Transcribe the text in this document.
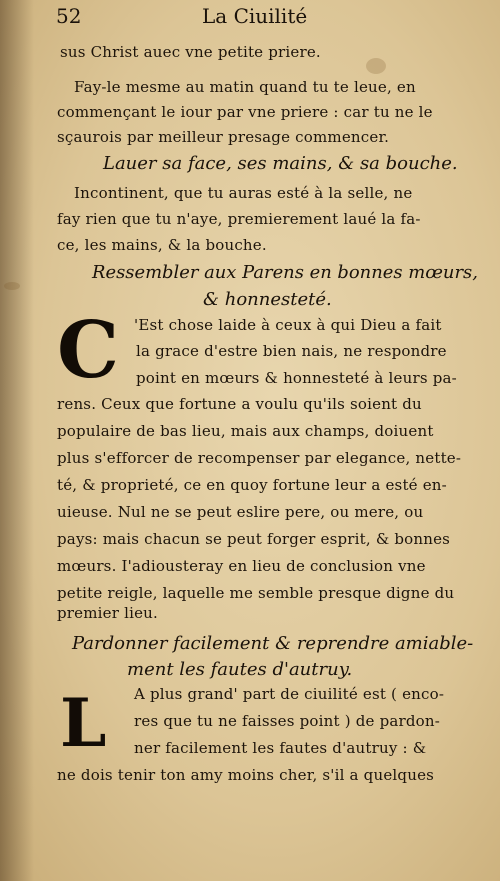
52	La Ciuilité
sus Christ auec vne petite priere.
Fay-le mesme au matin quand tu te leue, en
commençant le iour par vne priere : car tu ne le
sçaurois par meilleur presage commencer.
Lauer sa face, ses mains, & sa bouche.
Incontinent, que tu auras esté à la selle, ne
fay rien que tu n'aye, premierement laué la fa-
ce, les mains, & la bouche.
Ressembler aux Parens en bonnes mœurs,
& honnesteté.
C 'Est chose laide à ceux à qui Dieu a fait
la grace d'estre bien nais, ne respondre
point en mœurs & honnesteté à leurs pa-
rens. Ceux que fortune a voulu qu'ils soient du
populaire de bas lieu, mais aux champs, doiuent
plus s'efforcer de recompenser par elegance, nette-
té, & proprieté, ce en quoy fortune leur a esté en-
uieuse. Nul ne se peut eslire pere, ou mere, ou
pays: mais chacun se peut forger esprit, & bonnes
mœurs. I'adiousteray en lieu de conclusion vne
petite reigle, laquelle me semble presque digne du
premier lieu.
Pardonner facilement & reprendre amiable-
ment les fautes d'autruy.
L A plus grand' part de ciuilité est ( enco-
res que tu ne faisses point ) de pardon-
ner facilement les fautes d'autruy : &
ne dois tenir ton amy moins cher, s'il a quelques
